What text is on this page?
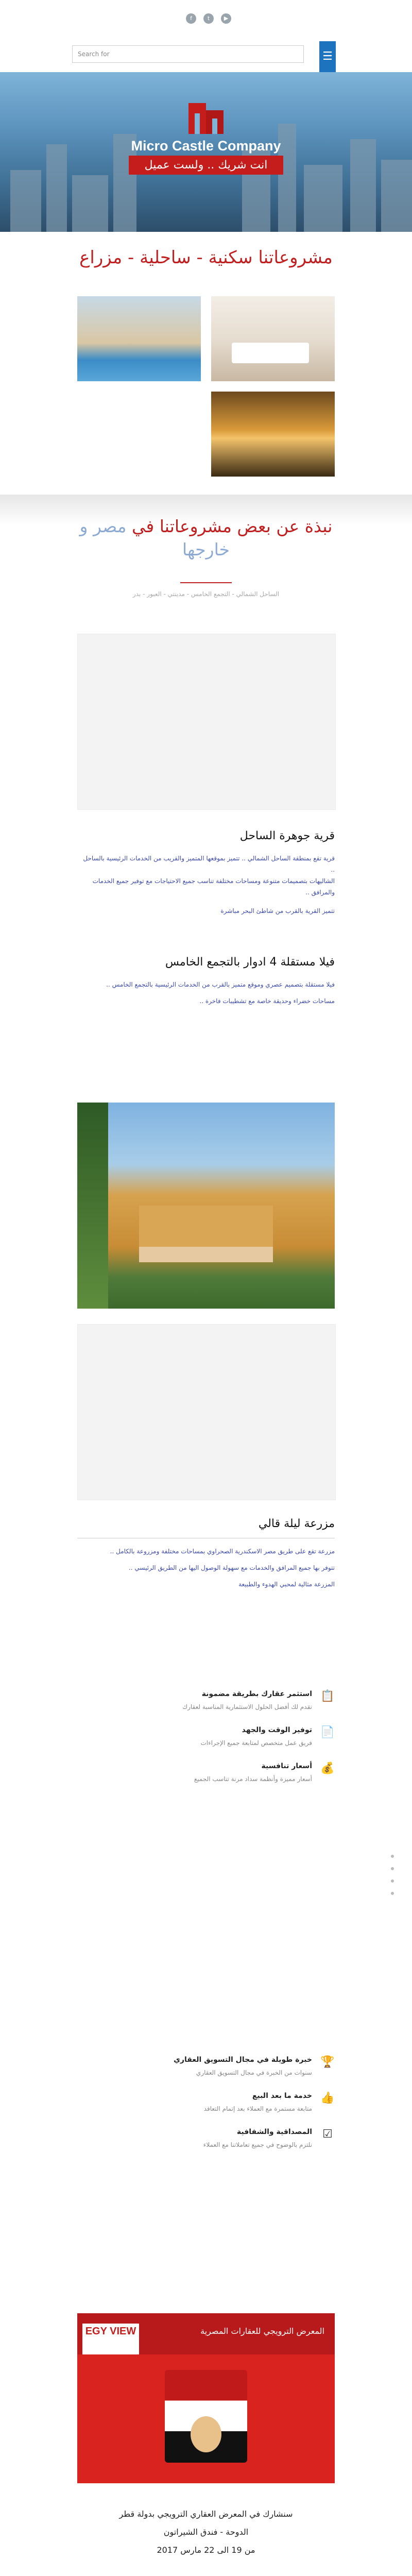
f	t	▶
Search for	☰
Micro Castle Company
انت شريك .. ولست عميل
مشروعاتنا سكنية - ساحلية - مزراع
نبذة عن بعض مشروعاتنا في مصر و
خارجها
الساحل الشمالي - التجمع الخامس - مدينتي - العبور - بدر
قرية جوهرة الساحل
قرية تقع بمنطقة الساحل الشمالي .. تتميز بموقعها المتميز والقريب من الخدمات الرئيسية بالساحل ..
الشاليهات بتصميمات متنوعة ومساحات مختلفة تناسب جميع الاحتياجات مع توفير جميع الخدمات والمرافق ..
تتميز القرية بالقرب من شاطئ البحر مباشرة
فيلا مستقلة 4 ادوار بالتجمع الخامس
فيلا مستقلة بتصميم عصري وموقع متميز بالقرب من الخدمات الرئيسية بالتجمع الخامس ..
مساحات خضراء وحديقة خاصة مع تشطيبات فاخرة ..
مزرعة ليلة قالي
مزرعة تقع على طريق مصر الاسكندرية الصحراوي بمساحات مختلفة ومزروعة بالكامل ..
تتوفر بها جميع المرافق والخدمات مع سهولة الوصول اليها من الطريق الرئيسي ..
المزرعة مثالية لمحبي الهدوء والطبيعة
📋
استثمر عقارك بطريقة مضمونة
نقدم لك أفضل الحلول الاستثمارية المناسبة لعقارك
📄
توفير الوقت والجهد
فريق عمل متخصص لمتابعة جميع الإجراءات
💰
أسعار تنافسية
أسعار مميزة وأنظمة سداد مرنة تناسب الجميع
🏆
خبرة طويلة في مجال التسويق العقاري
سنوات من الخبرة في مجال التسويق العقاري
👍
خدمة ما بعد البيع
متابعة مستمرة مع العملاء بعد إتمام التعاقد
☑
المصداقية والشفافية
نلتزم بالوضوح في جميع تعاملاتنا مع العملاء
EGY VIEW	المعرض الترويجي للعقارات المصرية
سنشارك في المعرض العقاري الترويجي بدولة قطر
الدوحة - فندق الشيراتون
من 19 الى 22 مارس 2017
